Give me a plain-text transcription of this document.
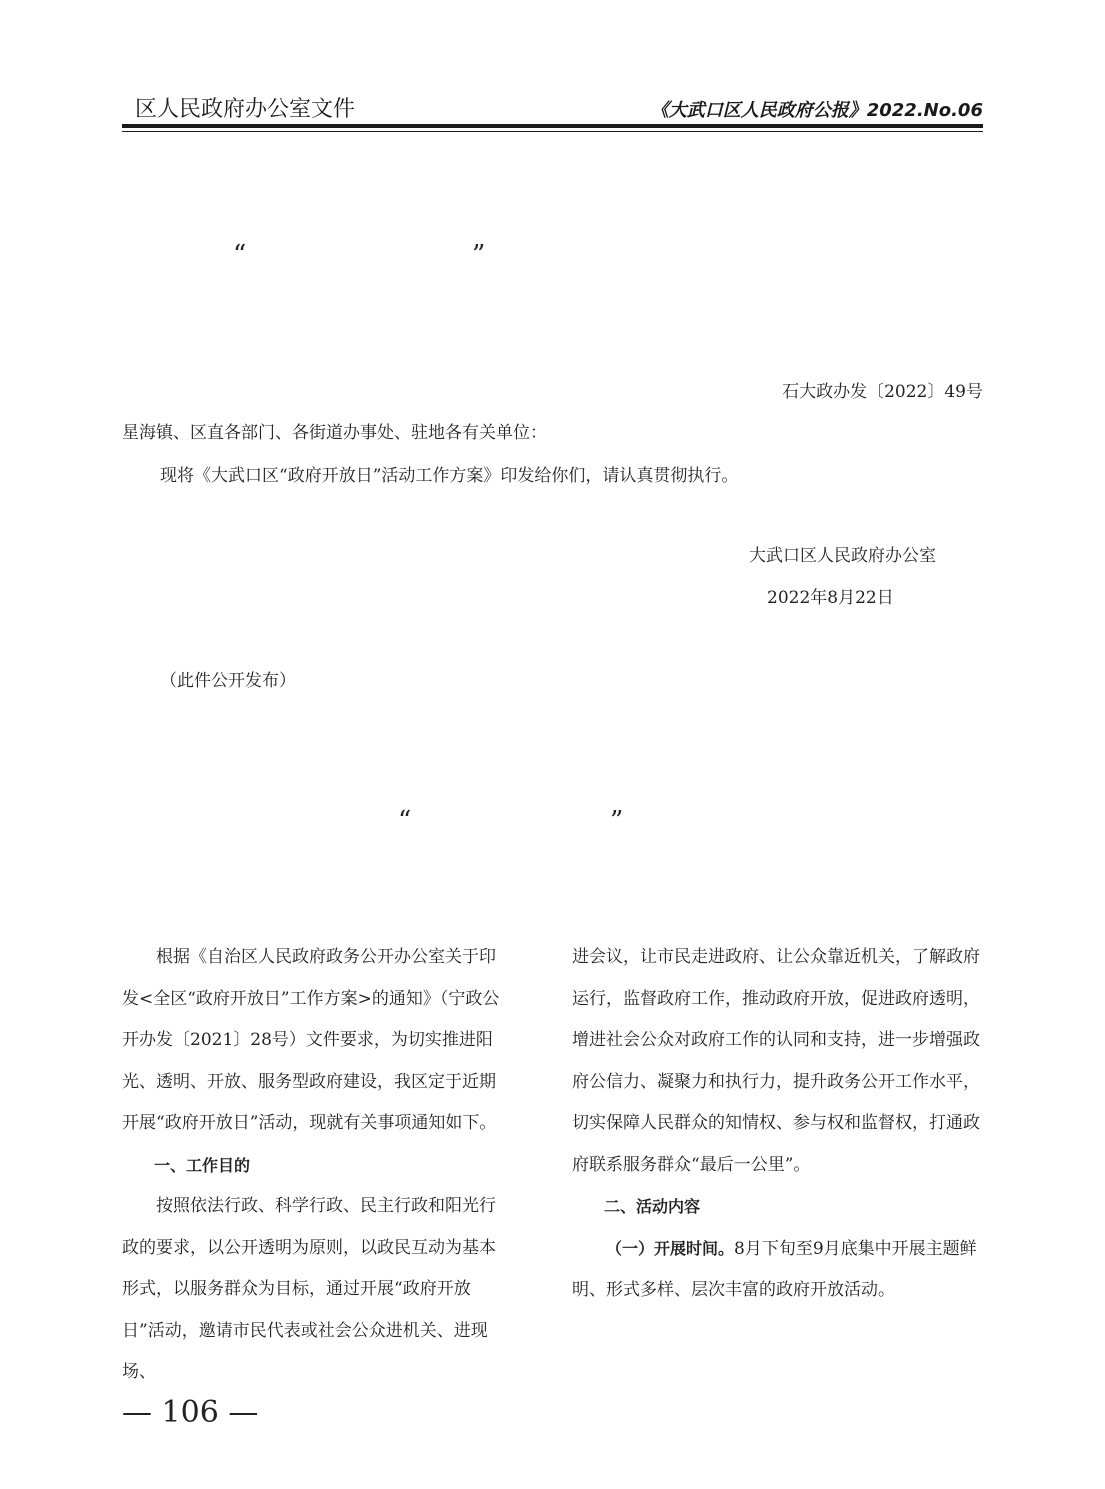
区人民政府办公室文件	《大武口区人民政府公报》2022.No.06
“	”
石大政办发〔2022〕49号
星海镇、区直各部门、各街道办事处、驻地各有关单位：
现将《大武口区“政府开放日”活动工作方案》印发给你们，请认真贯彻执行。
大武口区人民政府办公室
2022年8月22日
（此件公开发布）
“	”

根据《自治区人民政府政务公开办公室关于印发<全区“政府开放日”工作方案>的通知》（宁政公开办发〔2021〕28号）文件要求，为切实推进阳光、透明、开放、服务型政府建设，我区定于近期开展“政府开放日”活动，现就有关事项通知如下。

一、工作目的

按照依法行政、科学行政、民主行政和阳光行政的要求，以公开透明为原则，以政民互动为基本形式，以服务群众为目标，通过开展“政府开放日”活动，邀请市民代表或社会公众进机关、进现场、

进会议，让市民走进政府、让公众靠近机关，了解政府运行，监督政府工作，推动政府开放，促进政府透明，增进社会公众对政府工作的认同和支持，进一步增强政府公信力、凝聚力和执行力，提升政务公开工作水平，切实保障人民群众的知情权、参与权和监督权，打通政府联系服务群众“最后一公里”。

二、活动内容

（一）开展时间。8月下旬至9月底集中开展主题鲜明、形式多样、层次丰富的政府开放活动。

— 106 —
